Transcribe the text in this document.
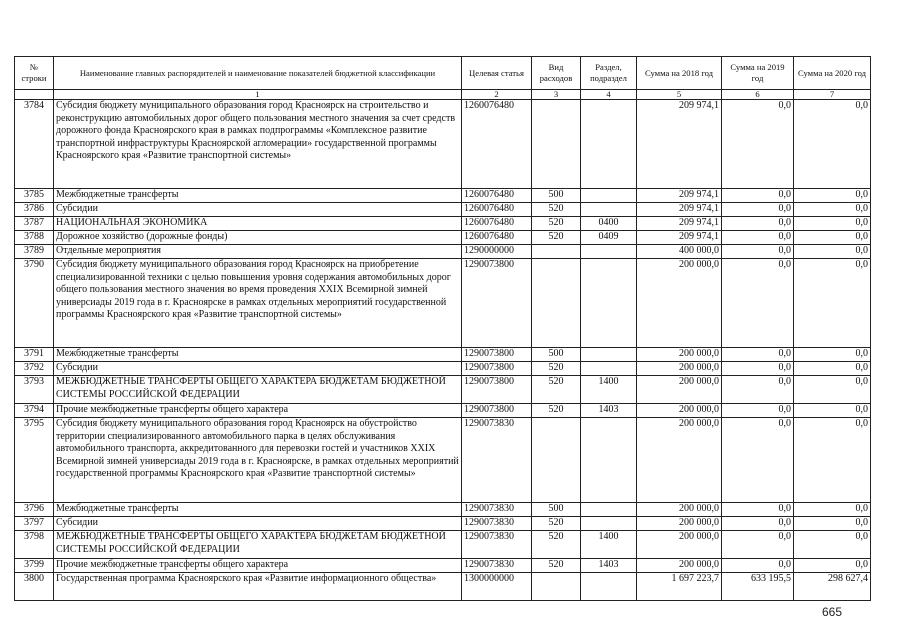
№ строки	Наименование главных распорядителей и наименование показателей бюджетной классификации	Целевая статья	Вид расходов	Раздел, подраздел	Сумма на 2018 год	Сумма на 2019 год	Сумма на 2020 год
	1	2	3	4	5	6	7
3784	Субсидия бюджету муниципального образования город Красноярск на строительство и реконструкцию автомобильных дорог общего пользования местного значения за счет средств дорожного фонда Красноярского края в рамках подпрограммы «Комплексное развитие транспортной инфраструктуры Красноярской агломерации» государственной программы Красноярского края «Развитие транспортной системы»	1260076480			209 974,1	0,0	0,0
3785	Межбюджетные трансферты	1260076480	500		209 974,1	0,0	0,0
3786	Субсидии	1260076480	520		209 974,1	0,0	0,0
3787	НАЦИОНАЛЬНАЯ ЭКОНОМИКА	1260076480	520	0400	209 974,1	0,0	0,0
3788	Дорожное хозяйство (дорожные фонды)	1260076480	520	0409	209 974,1	0,0	0,0
3789	Отдельные мероприятия	1290000000			400 000,0	0,0	0,0
3790	Субсидия бюджету муниципального образования город Красноярск на приобретение специализированной техники с целью повышения уровня содержания автомобильных дорог общего пользования местного значения во время проведения XXIX Всемирной зимней универсиады 2019 года в г. Красноярске в рамках отдельных мероприятий государственной программы Красноярского края «Развитие транспортной системы»	1290073800			200 000,0	0,0	0,0
3791	Межбюджетные трансферты	1290073800	500		200 000,0	0,0	0,0
3792	Субсидии	1290073800	520		200 000,0	0,0	0,0
3793	МЕЖБЮДЖЕТНЫЕ ТРАНСФЕРТЫ ОБЩЕГО ХАРАКТЕРА БЮДЖЕТАМ БЮДЖЕТНОЙ СИСТЕМЫ РОССИЙСКОЙ ФЕДЕРАЦИИ	1290073800	520	1400	200 000,0	0,0	0,0
3794	Прочие межбюджетные трансферты общего характера	1290073800	520	1403	200 000,0	0,0	0,0
3795	Субсидия бюджету муниципального образования город Красноярск на обустройство территории специализированного автомобильного парка в целях обслуживания автомобильного транспорта, аккредитованного для перевозки гостей и участников XXIX Всемирной зимней универсиады 2019 года в г. Красноярске, в рамках отдельных мероприятий государственной программы Красноярского края «Развитие транспортной системы»	1290073830			200 000,0	0,0	0,0
3796	Межбюджетные трансферты	1290073830	500		200 000,0	0,0	0,0
3797	Субсидии	1290073830	520		200 000,0	0,0	0,0
3798	МЕЖБЮДЖЕТНЫЕ ТРАНСФЕРТЫ ОБЩЕГО ХАРАКТЕРА БЮДЖЕТАМ БЮДЖЕТНОЙ СИСТЕМЫ РОССИЙСКОЙ ФЕДЕРАЦИИ	1290073830	520	1400	200 000,0	0,0	0,0
3799	Прочие межбюджетные трансферты общего характера	1290073830	520	1403	200 000,0	0,0	0,0
3800	Государственная программа Красноярского края «Развитие информационного общества»	1300000000			1 697 223,7	633 195,5	298 627,4
665
